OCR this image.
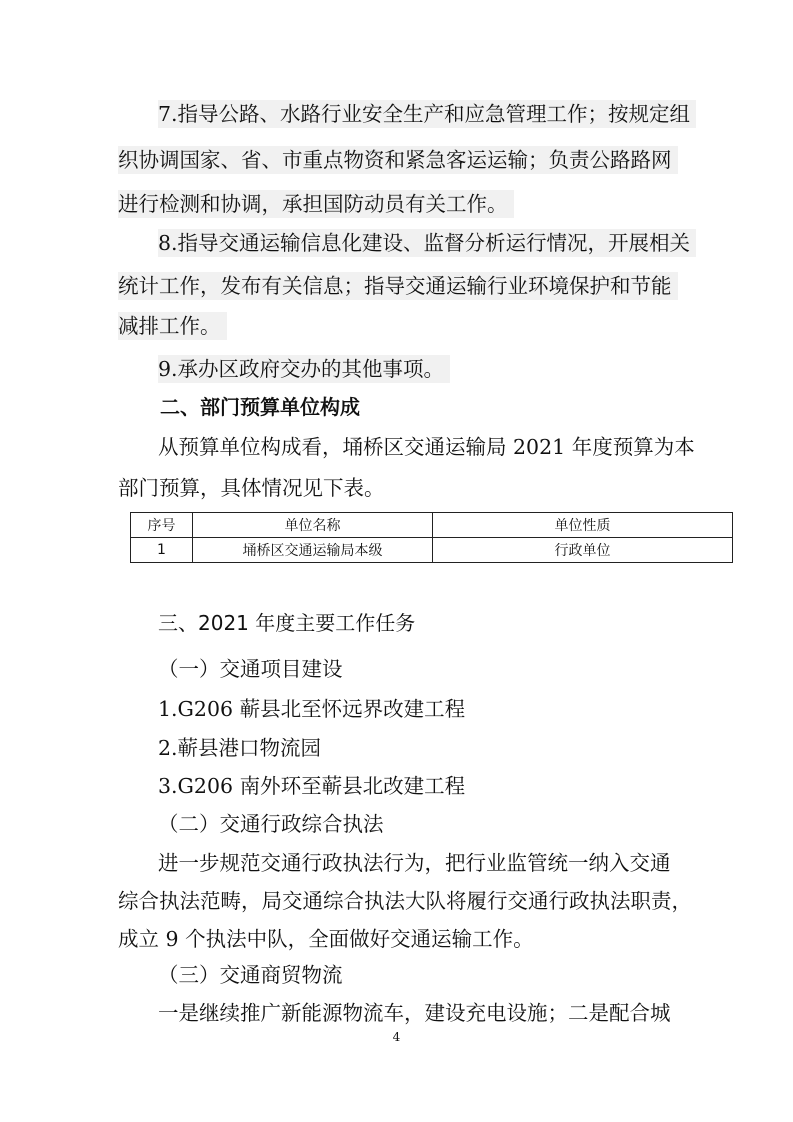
7.指导公路、水路行业安全生产和应急管理工作；按规定组
织协调国家、省、市重点物资和紧急客运运输；负责公路路网
进行检测和协调，承担国防动员有关工作。
8.指导交通运输信息化建设、监督分析运行情况，开展相关
统计工作，发布有关信息；指导交通运输行业环境保护和节能
减排工作。
9.承办区政府交办的其他事项。
二、部门预算单位构成
从预算单位构成看，埇桥区交通运输局 2021 年度预算为本
部门预算，具体情况见下表。
序号	单位名称	单位性质
1	埇桥区交通运输局本级	行政单位
三、2021 年度主要工作任务
（一）交通项目建设
1.G206 蕲县北至怀远界改建工程
2.蕲县港口物流园
3.G206 南外环至蕲县北改建工程
（二）交通行政综合执法
进一步规范交通行政执法行为，把行业监管统一纳入交通
综合执法范畴，局交通综合执法大队将履行交通行政执法职责，
成立 9 个执法中队，全面做好交通运输工作。
（三）交通商贸物流
一是继续推广新能源物流车，建设充电设施；二是配合城
4
